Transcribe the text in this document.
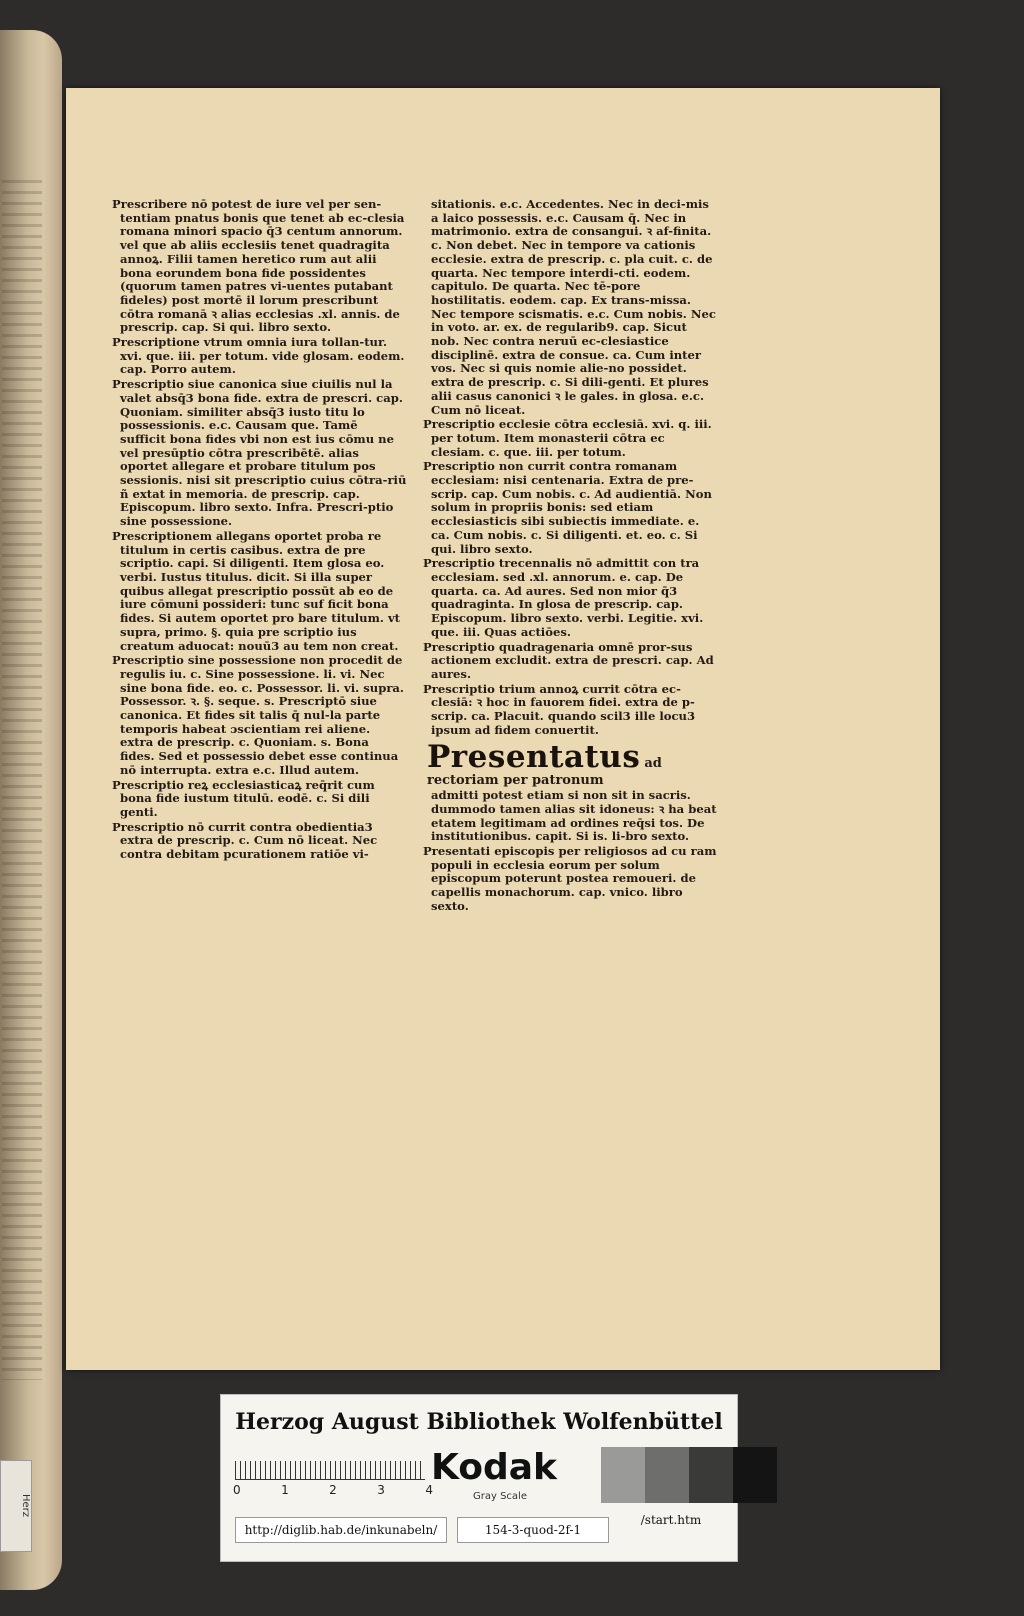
Herz
Prescribere nō potest de iure vel per sen-tentiam pnatus bonis que tenet ab ec-clesia romana minori spacio q̄3 centum annorum. vel que ab aliis ecclesiis tenet quadragita annoꝝ. Filii tamen heretico rum aut alii bona eorundem bona fide possidentes (quorum tamen patres vi-uentes putabant fideles) post mortē il lorum prescribunt cōtra romanā ꝛ alias ecclesias .xl. annis. de prescrip. cap. Si qui. libro sexto.
Prescriptione vtrum omnia iura tollan-tur. xvi. que. iii. per totum. vide glosam. eodem. cap. Porro autem.
Prescriptio siue canonica siue ciuilis nul la valet absq̄3 bona fide. extra de prescri. cap. Quoniam. similiter absq̄3 iusto titu lo possessionis. e.c. Causam que. Tamē sufficit bona fides vbi non est ius cōmu ne vel presūptio cōtra prescribētē. alias oportet allegare et probare titulum pos sessionis. nisi sit prescriptio cuius cōtra-riū ñ extat in memoria. de prescrip. cap. Episcopum. libro sexto. Infra. Prescri-ptio sine possessione.
Prescriptionem allegans oportet proba re titulum in certis casibus. extra de pre scriptio. capi. Si diligenti. Item glosa eo. verbi. Iustus titulus. dicit. Si illa super quibus allegat prescriptio possūt ab eo de iure cōmuni possideri: tunc suf ficit bona fides. Si autem oportet pro bare titulum. vt supra, primo. §. quia pre scriptio ius creatum aduocat: nouū3 au tem non creat.
Prescriptio sine possessione non procedit de regulis iu. c. Sine possessione. li. vi. Nec sine bona fide. eo. c. Possessor. li. vi. supra. Possessor. ꝛ. §. seque. s. Prescriptō siue canonica. Et fides sit talis q̄ nul-la parte temporis habeat ɔscientiam rei aliene. extra de prescrip. c. Quoniam. s. Bona fides. Sed et possessio debet esse continua nō interrupta. extra e.c. Illud autem.
Prescriptio reꝝ ecclesiasticaꝝ req̄rit cum bona fide iustum titulū. eodē. c. Si dili genti.
Prescriptio nō currit contra obedientia3 extra de prescrip. c. Cum nō liceat. Nec contra debitam pcurationem ratiōe vi-
sitationis. e.c. Accedentes. Nec in deci-mis a laico possessis. e.c. Causam q̄. Nec in matrimonio. extra de consangui. ꝛ af-finita. c. Non debet. Nec in tempore va cationis ecclesie. extra de prescrip. c. pla cuit. c. de quarta. Nec tempore interdi-cti. eodem. capitulo. De quarta. Nec tē-pore hostilitatis. eodem. cap. Ex trans-missa. Nec tempore scismatis. e.c. Cum nobis. Nec in voto. ar. ex. de regularib9. cap. Sicut nob. Nec contra neruū ec-clesiastice disciplinē. extra de consue. ca. Cum inter vos. Nec si quis nomie alie-no possidet. extra de prescrip. c. Si dili-genti. Et plures alii casus canonici ꝛ le gales. in glosa. e.c. Cum nō liceat.
Prescriptio ecclesie cōtra ecclesiā. xvi. q. iii. per totum. Item monasterii cōtra ec clesiam. c. que. iii. per totum.
Prescriptio non currit contra romanam ecclesiam: nisi centenaria. Extra de pre-scrip. cap. Cum nobis. c. Ad audientiā. Non solum in propriis bonis: sed etiam ecclesiasticis sibi subiectis immediate. e. ca. Cum nobis. c. Si diligenti. et. eo. c. Si qui. libro sexto.
Prescriptio trecennalis nō admittit con tra ecclesiam. sed .xl. annorum. e. cap. De quarta. ca. Ad aures. Sed non mior q̄3 quadraginta. In glosa de prescrip. cap. Episcopum. libro sexto. verbi. Legitie. xvi. que. iii. Quas actiōes.
Prescriptio quadragenaria omnē pror-sus actionem excludit. extra de prescri. cap. Ad aures.
Prescriptio trium annoꝝ currit cōtra ec-clesiā: ꝛ hoc in fauorem fidei. extra de p-scrip. ca. Placuit. quando scil3 ille locu3 ipsum ad fidem conuertit.
Presentatus ad rectoriam per patronum
admitti potest etiam si non sit in sacris. dummodo tamen alias sit idoneus: ꝛ ha beat etatem legitimam ad ordines req̄si tos. De institutionibus. capit. Si is. li-bro sexto.
Presentati episcopis per religiosos ad cu ram populi in ecclesia eorum per solum episcopum poterunt postea remoueri. de capellis monachorum. cap. vnico. libro sexto.
Herzog August Bibliothek Wolfenbüttel
0	1	2	3	4
Kodak
Gray Scale
http://diglib.hab.de/inkunabeln/	154-3-quod-2f-1
/start.htm
